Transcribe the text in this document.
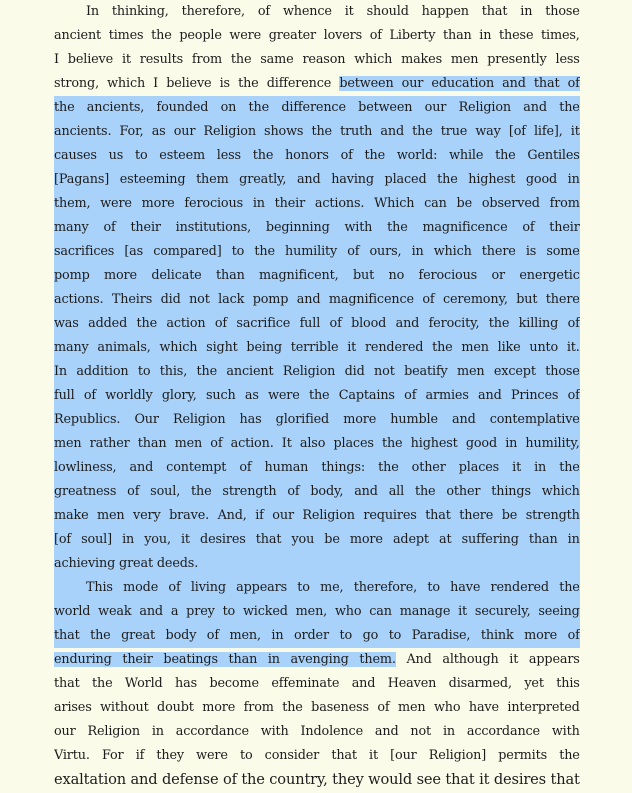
In thinking, therefore, of whence it should happen that in those
ancient times the people were greater lovers of Liberty than in these times,
I believe it results from the same reason which makes men presently less
strong, which I believe is the difference between our education and that of
the ancients, founded on the difference between our Religion and the
ancients. For, as our Religion shows the truth and the true way [of life], it
causes us to esteem less the honors of the world: while the Gentiles
[Pagans] esteeming them greatly, and having placed the highest good in
them, were more ferocious in their actions. Which can be observed from
many of their institutions, beginning with the magnificence of their
sacrifices [as compared] to the humility of ours, in which there is some
pomp more delicate than magnificent, but no ferocious or energetic
actions. Theirs did not lack pomp and magnificence of ceremony, but there
was added the action of sacrifice full of blood and ferocity, the killing of
many animals, which sight being terrible it rendered the men like unto it.
In addition to this, the ancient Religion did not beatify men except those
full of worldly glory, such as were the Captains of armies and Princes of
Republics. Our Religion has glorified more humble and contemplative
men rather than men of action. It also places the highest good in humility,
lowliness, and contempt of human things: the other places it in the
greatness of soul, the strength of body, and all the other things which
make men very brave. And, if our Religion requires that there be strength
[of soul] in you, it desires that you be more adept at suffering than in
achieving great deeds.
This mode of living appears to me, therefore, to have rendered the
world weak and a prey to wicked men, who can manage it securely, seeing
that the great body of men, in order to go to Paradise, think more of
enduring their beatings than in avenging them. And although it appears
that the World has become effeminate and Heaven disarmed, yet this
arises without doubt more from the baseness of men who have interpreted
our Religion in accordance with Indolence and not in accordance with
Virtu. For if they were to consider that it [our Religion] permits the
exaltation and defense of the country, they would see that it desires that
